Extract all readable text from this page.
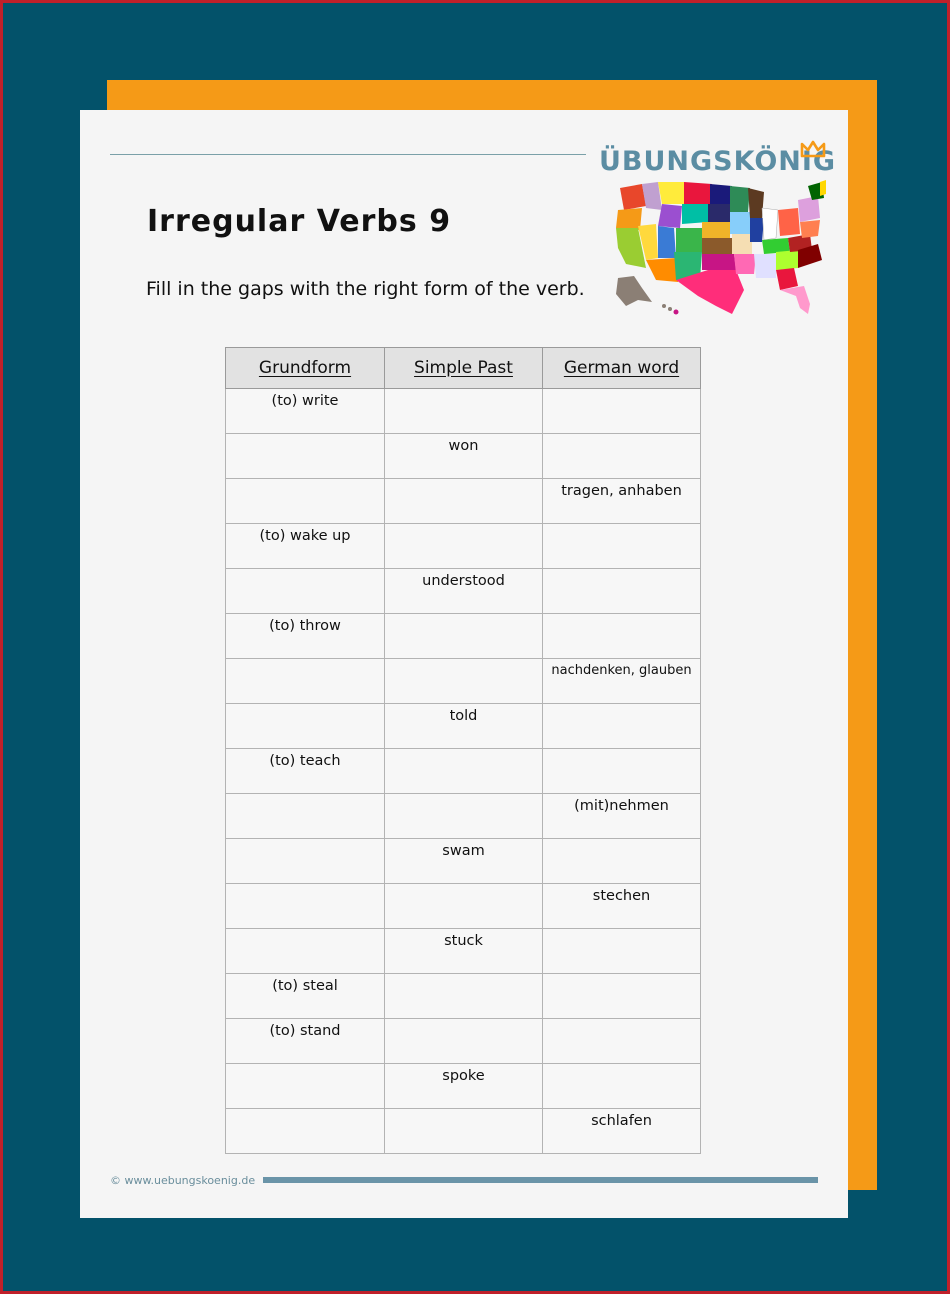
ÜBUNGSKÖNIG
Irregular Verbs 9
Fill in the gaps with the right form of the verb.
Grundform	Simple Past	German word
(to) write		
	won	
		tragen, anhaben
(to) wake up		
	understood	
(to) throw		
		nachdenken, glauben
	told	
(to) teach		
		(mit)nehmen
	swam	
		stechen
	stuck	
(to) steal		
(to) stand		
	spoke	
		schlafen
© www.uebungskoenig.de
